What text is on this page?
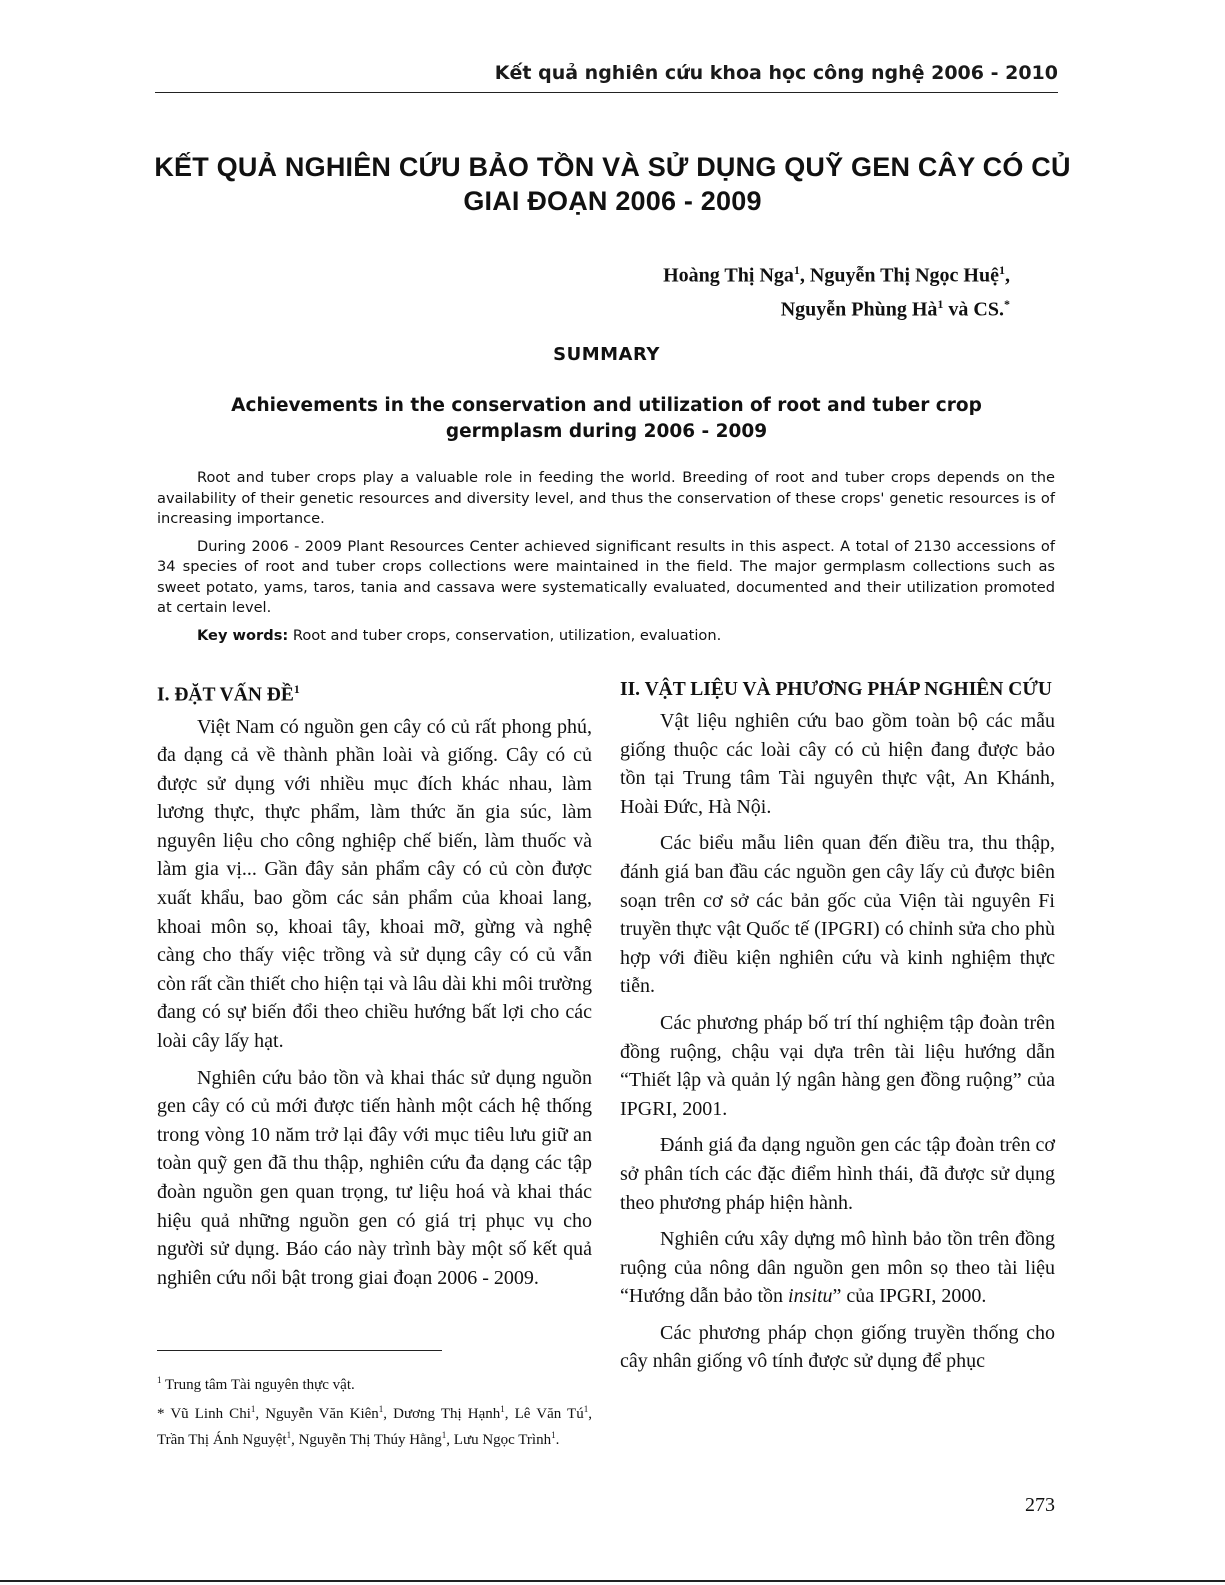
Kết quả nghiên cứu khoa học công nghệ 2006 - 2010
KẾT QUẢ NGHIÊN CỨU BẢO TỒN VÀ SỬ DỤNG QUỸ GEN CÂY CÓ CỦ
GIAI ĐOẠN 2006 - 2009
Hoàng Thị Nga$^1$, Nguyễn Thị Ngọc Huệ$^1$,
Nguyễn Phùng $Hà^1$ và CS.*
SUMMARY
Achievements in the conservation and utilization of root and tuber crop
germplasm during 2006 - 2009

Root and tuber crops play a valuable role in feeding the world. Breeding of root and tuber crops depends on the availability of their genetic resources and diversity level, and thus the conservation of these crops' genetic resources is of increasing importance.

During 2006 - 2009 Plant Resources Center achieved significant results in this aspect. A total of 2130 accessions of 34 species of root and tuber crops collections were maintained in the field. The major germplasm collections such as sweet potato, yams, taros, tania and cassava were systematically evaluated, documented and their utilization promoted at certain level.

Key words: Root and tuber crops, conservation, utilization, evaluation.

I. ĐẶT VẤN ĐỀ$^1$

Việt Nam có nguồn gen cây có củ rất phong phú, đa dạng cả về thành phần loài và giống. Cây có củ được sử dụng với nhiều mục đích khác nhau, làm lương thực, thực phẩm, làm thức ăn gia súc, làm nguyên liệu cho công nghiệp chế biến, làm thuốc và làm gia vị... Gần đây sản phẩm cây có củ còn được xuất khẩu, bao gồm các sản phẩm của khoai lang, khoai môn sọ, khoai tây, khoai mỡ, gừng và nghệ càng cho thấy việc trồng và sử dụng cây có củ vẫn còn rất cần thiết cho hiện tại và lâu dài khi môi trường đang có sự biến đổi theo chiều hướng bất lợi cho các loài cây lấy hạt.

Nghiên cứu bảo tồn và khai thác sử dụng nguồn gen cây có củ mới được tiến hành một cách hệ thống trong vòng 10 năm trở lại đây với mục tiêu lưu giữ an toàn quỹ gen đã thu thập, nghiên cứu đa dạng các tập đoàn nguồn gen quan trọng, tư liệu hoá và khai thác hiệu quả những nguồn gen có giá trị phục vụ cho người sử dụng. Báo cáo này trình bày một số kết quả nghiên cứu nổi bật trong giai đoạn 2006 - 2009.

II. VẬT LIỆU VÀ PHƯƠNG PHÁP NGHIÊN CỨU

Vật liệu nghiên cứu bao gồm toàn bộ các mẫu giống thuộc các loài cây có củ hiện đang được bảo tồn tại Trung tâm Tài nguyên thực vật, An Khánh, Hoài Đức, Hà Nội.

Các biểu mẫu liên quan đến điều tra, thu thập, đánh giá ban đầu các nguồn gen cây lấy củ được biên soạn trên cơ sở các bản gốc của Viện tài nguyên Fi truyền thực vật Quốc tế (IPGRI) có chỉnh sửa cho phù hợp với điều kiện nghiên cứu và kinh nghiệm thực tiễn.

Các phương pháp bố trí thí nghiệm tập đoàn trên đồng ruộng, chậu vại dựa trên tài liệu hướng dẫn “Thiết lập và quản lý ngân hàng gen đồng ruộng” của IPGRI, 2001.

Đánh giá đa dạng nguồn gen các tập đoàn trên cơ sở phân tích các đặc điểm hình thái, đã được sử dụng theo phương pháp hiện hành.

Nghiên cứu xây dựng mô hình bảo tồn trên đồng ruộng của nông dân nguồn gen môn sọ theo tài liệu “Hướng dẫn bảo tồn insitu” của IPGRI, 2000.

Các phương pháp chọn giống truyền thống cho cây nhân giống vô tính được sử dụng để phục

$^1$ Trung tâm Tài nguyên thực vật.

* Vũ Linh Chi$^1$, Nguyễn Văn Kiên$^1$, Dương Thị Hạnh$^1$, Lê Văn $Tú^1$, Trần Thị Ánh Nguyệt$^1$, Nguyễn Thị Thúy Hằng$^1$, Lưu Ngọc Trình$^1$.

273
